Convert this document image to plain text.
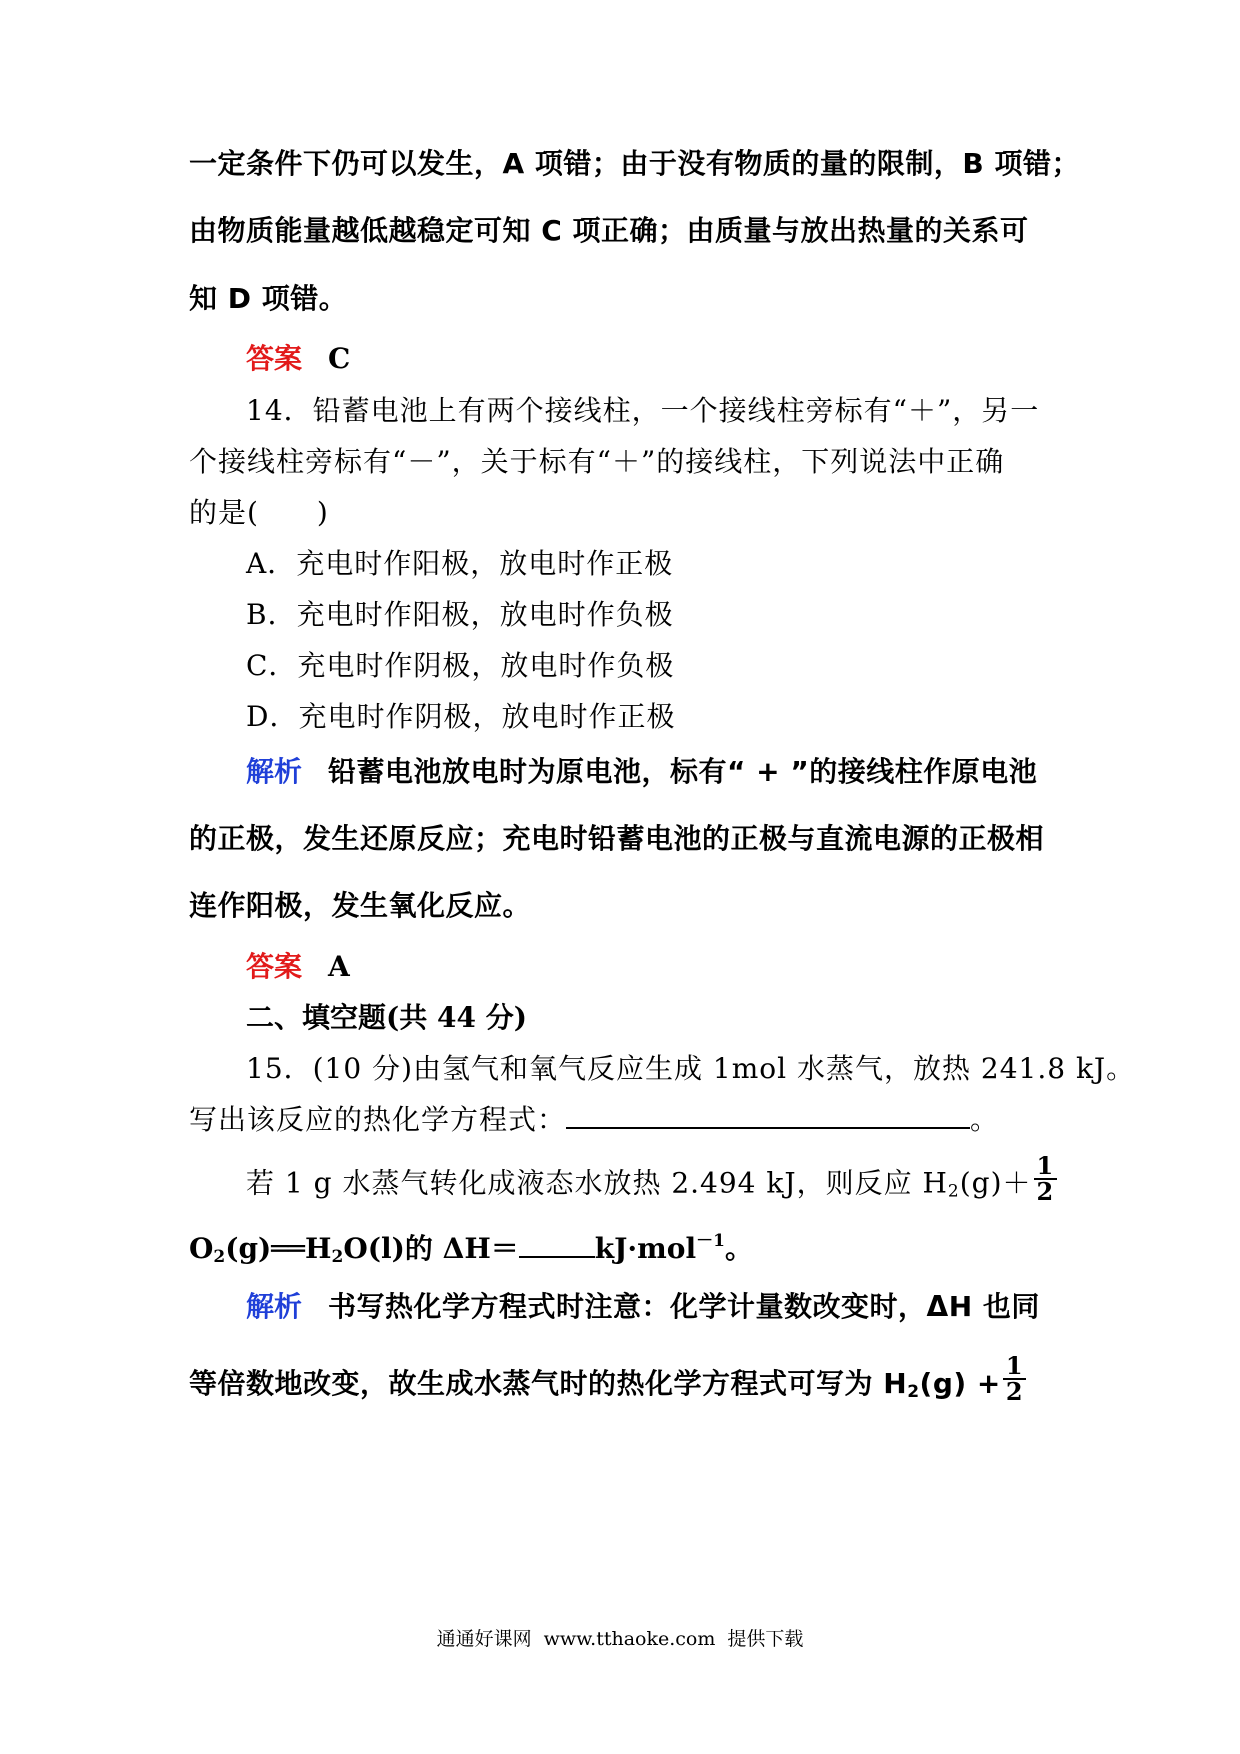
一定条件下仍可以发生，A 项错；由于没有物质的量的限制，B 项错；
由物质能量越低越稳定可知 C 项正确；由质量与放出热量的关系可
知 D 项错。
答案 C
14．铅蓄电池上有两个接线柱，一个接线柱旁标有“＋”，另一
个接线柱旁标有“－”，关于标有“＋”的接线柱，下列说法中正确
的是(　　)
A．充电时作阳极，放电时作正极
B．充电时作阳极，放电时作负极
C．充电时作阴极，放电时作负极
D．充电时作阴极，放电时作正极
解析 铅蓄电池放电时为原电池，标有“ + ”的接线柱作原电池
的正极，发生还原反应；充电时铅蓄电池的正极与直流电源的正极相
连作阳极，发生氧化反应。
答案 A
二、填空题(共 44 分)
15．(10 分)由氢气和氧气反应生成 1mol 水蒸气，放热 241.8 kJ。
写出该反应的热化学方程式：	。
若 1 g 水蒸气转化成液态水放热 2.494 kJ，则反应 $H_2(g)+ \frac{1}{2}$
$O_2(g)══H_2O(l)$的 ΔH＝	kJ·mol$^{-1}$。
解析 书写热化学方程式时注意：化学计量数改变时，ΔH 也同
等倍数地改变，故生成水蒸气时的热化学方程式可写为 $H_2(g) + \frac{1}{2}$
通通好课网 www.tthaoke.com 提供下载
